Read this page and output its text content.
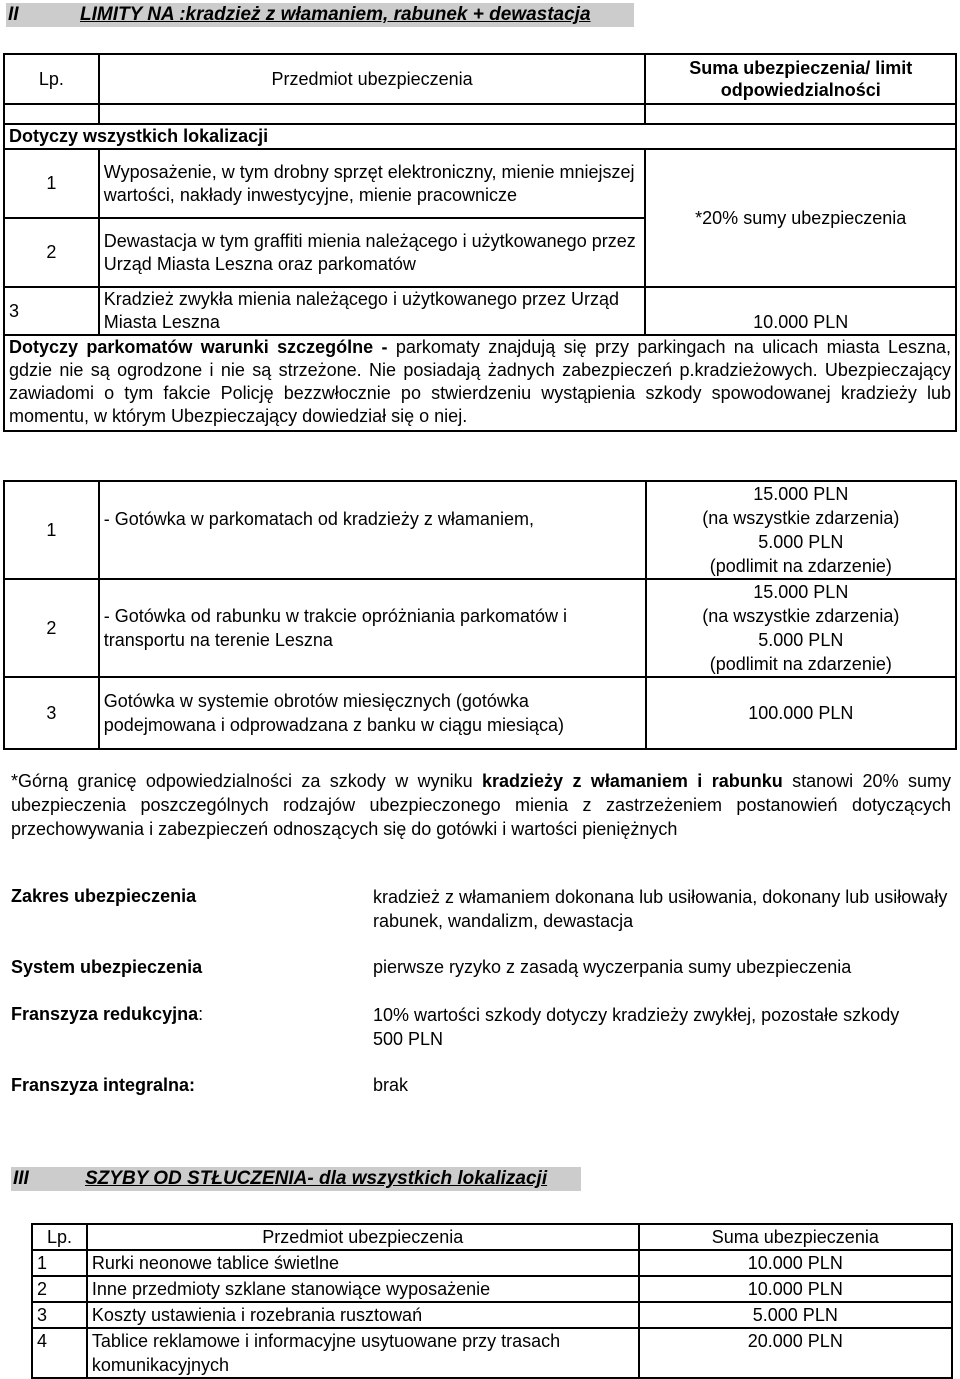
II	LIMITY NA :kradzież z włamaniem, rabunek + dewastacja
Lp.	Przedmiot ubezpieczenia	Suma ubezpieczenia/ limit odpowiedzialności

Dotyczy wszystkich lokalizacji		
1	Wyposażenie, w tym drobny sprzęt elektroniczny, mienie mniejszej wartości, nakłady inwestycyjne, mienie pracownicze	*20% sumy ubezpieczenia
2	Dewastacja w tym graffiti mienia należącego i użytkowanego przez Urząd Miasta Leszna oraz parkomatów	
3	Kradzież zwykła mienia należącego i użytkowanego przez Urząd Miasta Leszna	10.000 PLN
Dotyczy parkomatów warunki szczególne - parkomaty znajdują się przy parkingach na ulicach miasta Leszna, gdzie nie są ogrodzone i nie są strzeżone. Nie posiadają żadnych zabezpieczeń p.kradzieżowych. Ubezpieczający zawiadomi o tym fakcie Policję bezzwłocznie po stwierdzeniu wystąpienia szkody spowodowanej kradzieży lub momentu, w którym Ubezpieczający dowiedział się o niej.		
1	- Gotówka w parkomatach od kradzieży z włamaniem,	15.000 PLN
(na wszystkie zdarzenia)
5.000 PLN
(podlimit na zdarzenie)

2	- Gotówka od rabunku w trakcie opróżniania parkomatów i transportu na terenie Leszna	15.000 PLN
(na wszystkie zdarzenia)
5.000 PLN
(podlimit na zdarzenie)

3	Gotówka w systemie obrotów miesięcznych (gotówka podejmowana i odprowadzana z banku w ciągu miesiąca)	100.000 PLN
*Górną granicę odpowiedzialności za szkody w wyniku kradzieży z włamaniem i rabunku stanowi 20% sumy ubezpieczenia poszczególnych rodzajów ubezpieczonego mienia z zastrzeżeniem postanowień dotyczących przechowywania i zabezpieczeń odnoszących się do gotówki i wartości pieniężnych
Zakres ubezpieczenia	kradzież z włamaniem dokonana lub usiłowania, dokonany lub usiłowały rabunek, wandalizm, dewastacja
System ubezpieczenia	pierwsze ryzyko z zasadą wyczerpania sumy ubezpieczenia
Franszyza redukcyjna:	10% wartości szkody dotyczy kradzieży zwykłej, pozostałe szkody 500 PLN
Franszyza integralna:	brak
III	SZYBY OD STŁUCZENIA- dla wszystkich lokalizacji
Lp.	Przedmiot ubezpieczenia	Suma ubezpieczenia
1	Rurki neonowe tablice świetlne	10.000 PLN
2	Inne przedmioty szklane stanowiące wyposażenie	10.000 PLN
3	Koszty ustawienia i rozebrania rusztowań	5.000 PLN
4	Tablice reklamowe i informacyjne usytuowane przy trasach komunikacyjnych	20.000 PLN
